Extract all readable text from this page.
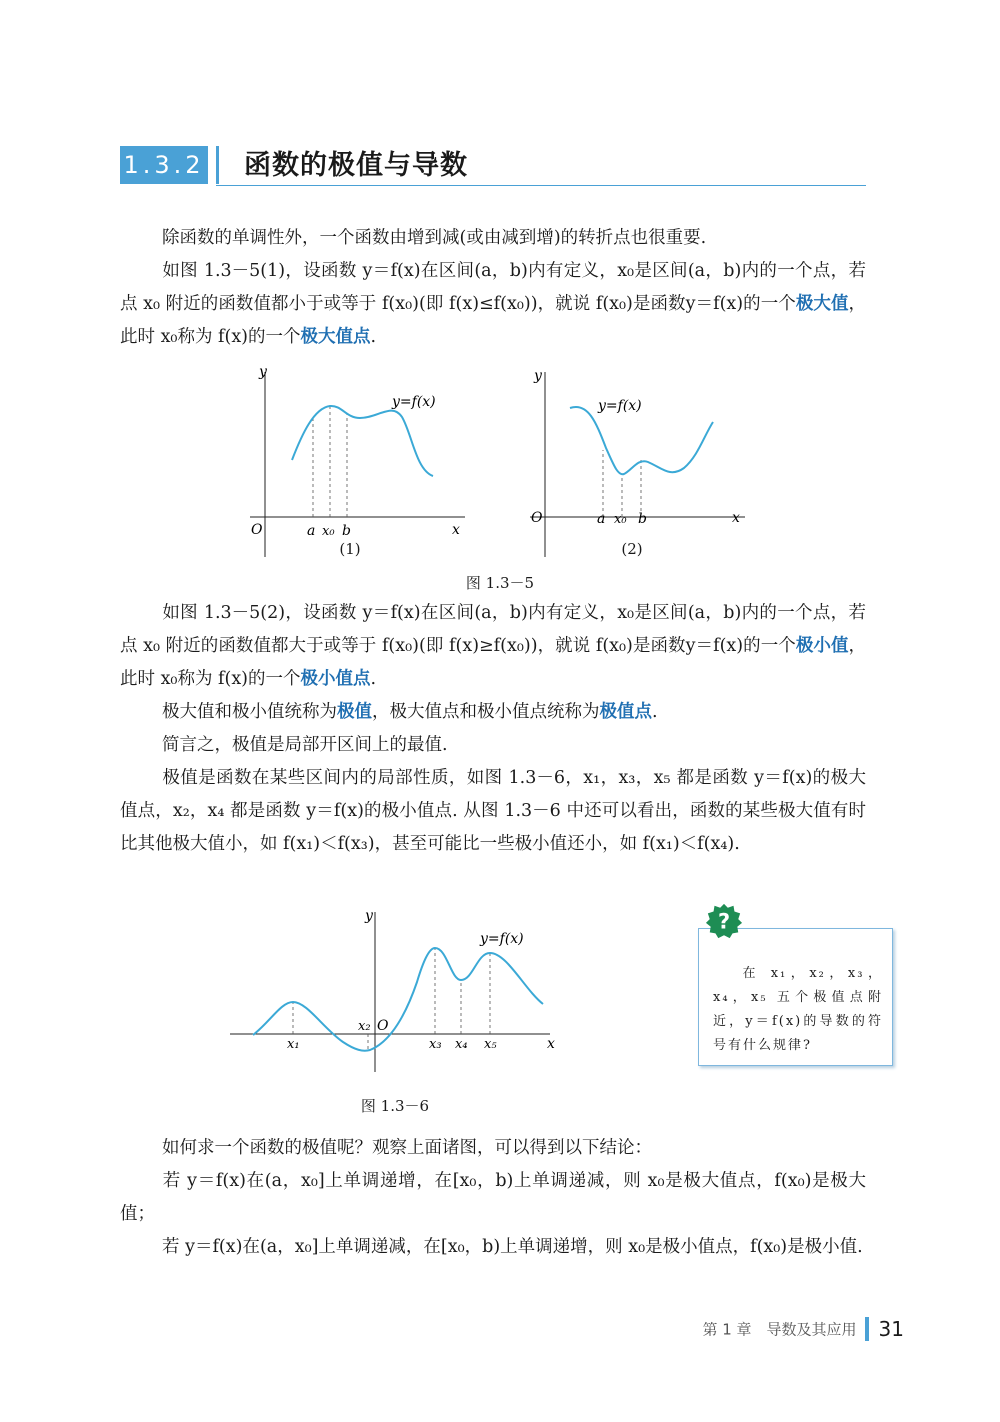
1.3.2 函数的极值与导数

除函数的单调性外，一个函数由增到减(或由减到增)的转折点也很重要.

如图 1.3－5(1)，设函数 y＝f(x)在区间(a，b)内有定义，x₀是区间(a，b)内的一个点，若点 x₀ 附近的函数值都小于或等于 f(x₀)(即 f(x)≤f(x₀))，就说 f(x₀)是函数y＝f(x)的一个极大值，此时 x₀称为 f(x)的一个极大值点.

y
x
O	a x₀ b
y=f(x)
(1)
y
x
O	a x₀ b
y=f(x)
(2)
图 1.3－5

如图 1.3－5(2)，设函数 y＝f(x)在区间(a，b)内有定义，x₀是区间(a，b)内的一个点，若点 x₀ 附近的函数值都大于或等于 f(x₀)(即 f(x)≥f(x₀))，就说 f(x₀)是函数y＝f(x)的一个极小值，此时 x₀称为 f(x)的一个极小值点.

极大值和极小值统称为极值，极大值点和极小值点统称为极值点.

简言之，极值是局部开区间上的最值.

极值是函数在某些区间内的局部性质，如图 1.3－6，x₁，x₃，x₅ 都是函数 y＝f(x)的极大值点，x₂，x₄ 都是函数 y＝f(x)的极小值点. 从图 1.3－6 中还可以看出，函数的某些极大值有时比其他极大值小，如 f(x₁)＜f(x₃)，甚至可能比一些极小值还小，如 f(x₁)＜f(x₄).

y
x
O
x₁
x₂
x₃ x₄ x₅
y=f(x)
图 1.3－6

在 x₁，x₂，x₃，x₄，x₅ 五个极值点附近，y＝f(x)的导数的符号有什么规律?

?

如何求一个函数的极值呢？观察上面诸图，可以得到以下结论：

若 y＝f(x)在(a，x₀]上单调递增，在[x₀，b)上单调递减，则 x₀是极大值点，f(x₀)是极大值；

若 y＝f(x)在(a，x₀]上单调递减，在[x₀，b)上单调递增，则 x₀是极小值点，f(x₀)是极小值.

第 1 章　导数及其应用 31
